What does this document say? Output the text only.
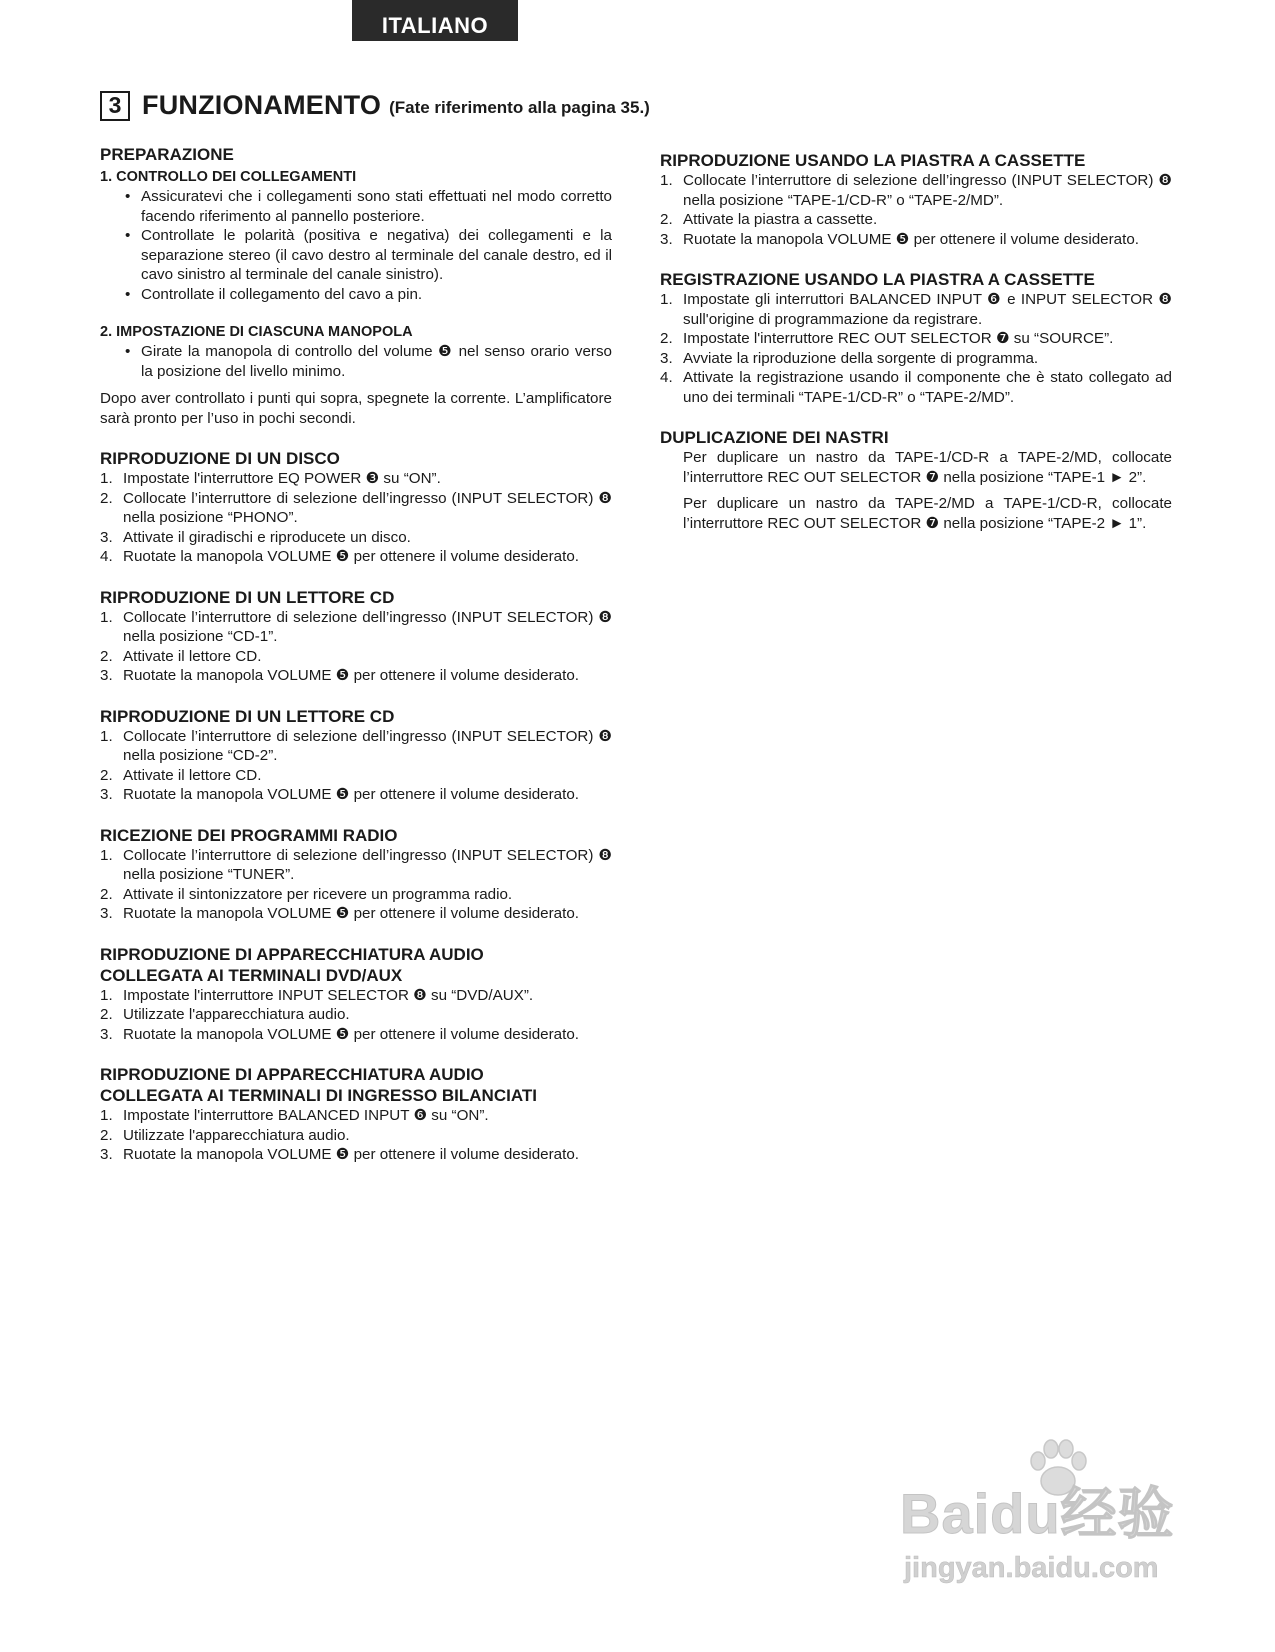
ITALIANO
3 FUNZIONAMENTO (Fate riferimento alla pagina 35.)
PREPARAZIONE
1. CONTROLLO DEI COLLEGAMENTI
• Assicuratevi che i collegamenti sono stati effettuati nel modo corretto facendo riferimento al pannello posteriore.
• Controllate le polarità (positiva e negativa) dei collegamenti e la separazione stereo (il cavo destro al terminale del canale destro, ed il cavo sinistro al terminale del canale sinistro).
• Controllate il collegamento del cavo a pin.
2. IMPOSTAZIONE DI CIASCUNA MANOPOLA
• Girate la manopola di controllo del volume ❺ nel senso orario verso la posizione del livello minimo.
Dopo aver controllato i punti qui sopra, spegnete la corrente. L’amplificatore sarà pronto per l’uso in pochi secondi.
RIPRODUZIONE DI UN DISCO
1. Impostate l'interruttore EQ POWER ❸ su “ON”.
2. Collocate l’interruttore di selezione dell’ingresso (INPUT SELECTOR) ❽ nella posizione “PHONO”.
3. Attivate il giradischi e riproducete un disco.
4. Ruotate la manopola VOLUME ❺ per ottenere il volume desiderato.
RIPRODUZIONE DI UN LETTORE CD
1. Collocate l’interruttore di selezione dell’ingresso (INPUT SELECTOR) ❽ nella posizione “CD-1”.
2. Attivate il lettore CD.
3. Ruotate la manopola VOLUME ❺ per ottenere il volume desiderato.
RIPRODUZIONE DI UN LETTORE CD
1. Collocate l’interruttore di selezione dell’ingresso (INPUT SELECTOR) ❽ nella posizione “CD-2”.
2. Attivate il lettore CD.
3. Ruotate la manopola VOLUME ❺ per ottenere il volume desiderato.
RICEZIONE DEI PROGRAMMI RADIO
1. Collocate l’interruttore di selezione dell’ingresso (INPUT SELECTOR) ❽ nella posizione “TUNER”.
2. Attivate il sintonizzatore per ricevere un programma radio.
3. Ruotate la manopola VOLUME ❺ per ottenere il volume desiderato.
RIPRODUZIONE DI APPARECCHIATURA AUDIO
COLLEGATA AI TERMINALI DVD/AUX
1. Impostate l'interruttore INPUT SELECTOR ❽ su “DVD/AUX”.
2. Utilizzate l'apparecchiatura audio.
3. Ruotate la manopola VOLUME ❺ per ottenere il volume desiderato.
RIPRODUZIONE DI APPARECCHIATURA AUDIO
COLLEGATA AI TERMINALI DI INGRESSO BILANCIATI
1. Impostate l'interruttore BALANCED INPUT ❻ su “ON”.
2. Utilizzate l'apparecchiatura audio.
3. Ruotate la manopola VOLUME ❺ per ottenere il volume desiderato.
RIPRODUZIONE USANDO LA PIASTRA A CASSETTE
1. Collocate l’interruttore di selezione dell’ingresso (INPUT SELECTOR) ❽ nella posizione “TAPE-1/CD-R” o “TAPE-2/MD”.
2. Attivate la piastra a cassette.
3. Ruotate la manopola VOLUME ❺ per ottenere il volume desiderato.
REGISTRAZIONE USANDO LA PIASTRA A CASSETTE
1. Impostate gli interruttori BALANCED INPUT ❻ e INPUT SELECTOR ❽ sull'origine di programmazione da registrare.
2. Impostate l'interruttore REC OUT SELECTOR ❼ su “SOURCE”.
3. Avviate la riproduzione della sorgente di programma.
4. Attivate la registrazione usando il componente che è stato collegato ad uno dei terminali “TAPE-1/CD-R” o “TAPE-2/MD”.
DUPLICAZIONE DEI NASTRI
Per duplicare un nastro da TAPE-1/CD-R a TAPE-2/MD, collocate l’interruttore REC OUT SELECTOR ❼ nella posizione “TAPE-1 ► 2”.
Per duplicare un nastro da TAPE-2/MD a TAPE-1/CD-R, collocate l’interruttore REC OUT SELECTOR ❼ nella posizione “TAPE-2 ► 1”.
Baidu经验
jingyan.baidu.com
